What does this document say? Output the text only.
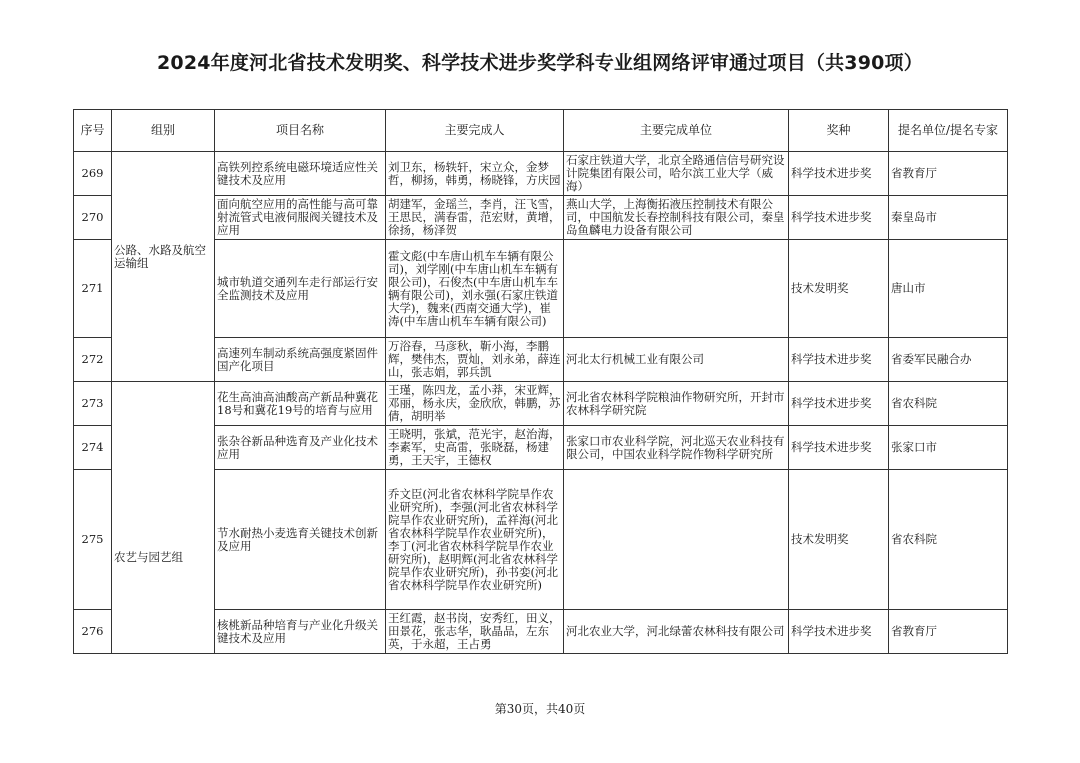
2024年度河北省技术发明奖、科学技术进步奖学科专业组网络评审通过项目（共390项）
序号	组别	项目名称	主要完成人	主要完成单位	奖种	提名单位/提名专家
269	公路、水路及航空运输组	高铁列控系统电磁环境适应性关键技术及应用	刘卫东，杨轶轩，宋立众，金梦哲，柳扬，韩勇，杨晓锋，方庆园	石家庄铁道大学，北京全路通信信号研究设计院集团有限公司，哈尔滨工业大学（威海）	科学技术进步奖	省教育厅
270		面向航空应用的高性能与高可靠射流管式电液伺服阀关键技术及应用	胡建军，金瑶兰，李肖，汪飞雪，王思民，满春雷，范宏财，黄增，徐扬，杨泽贺	燕山大学，上海衡拓液压控制技术有限公司，中国航发长春控制科技有限公司，秦皇岛鱼麟电力设备有限公司	科学技术进步奖	秦皇岛市
271		城市轨道交通列车走行部运行安全监测技术及应用	霍文彪(中车唐山机车车辆有限公司)，刘学刚(中车唐山机车车辆有限公司)，石俊杰(中车唐山机车车辆有限公司)，刘永强(石家庄铁道大学)，魏来(西南交通大学)，崔涛(中车唐山机车车辆有限公司)		技术发明奖	唐山市
272		高速列车制动系统高强度紧固件国产化项目	万浴春，马彦秋，靳小海，李鹏辉，樊伟杰，贾灿，刘永弟，薛连山，张志娟，郭兵凯	河北太行机械工业有限公司	科学技术进步奖	省委军民融合办
273	农艺与园艺组	花生高油高油酸高产新品种冀花18号和冀花19号的培育与应用	王瑾，陈四龙，孟小莽，宋亚辉，邓丽，杨永庆，金欣欣，韩鹏，苏倩，胡明举	河北省农林科学院粮油作物研究所，开封市农林科学研究院	科学技术进步奖	省农科院
274		张杂谷新品种选育及产业化技术应用	王晓明，张斌，范光宇，赵治海，李素军，史高雷，张晓磊，杨建勇，王天宇，王德权	张家口市农业科学院，河北巡天农业科技有限公司，中国农业科学院作物科学研究所	科学技术进步奖	张家口市
275		节水耐热小麦选育关键技术创新及应用	乔文臣(河北省农林科学院旱作农业研究所)，李强(河北省农林科学院旱作农业研究所)，孟祥海(河北省农林科学院旱作农业研究所)，李丁(河北省农林科学院旱作农业研究所)，赵明辉(河北省农林科学院旱作农业研究所)，孙书娈(河北省农林科学院旱作农业研究所)		技术发明奖	省农科院
276		核桃新品种培育与产业化升级关键技术及应用	王红霞，赵书岗，安秀红，田义，田景花，张志华，耿晶品，左东英，于永超，王占勇	河北农业大学，河北绿蕾农林科技有限公司	科学技术进步奖	省教育厅
第30页，共40页
